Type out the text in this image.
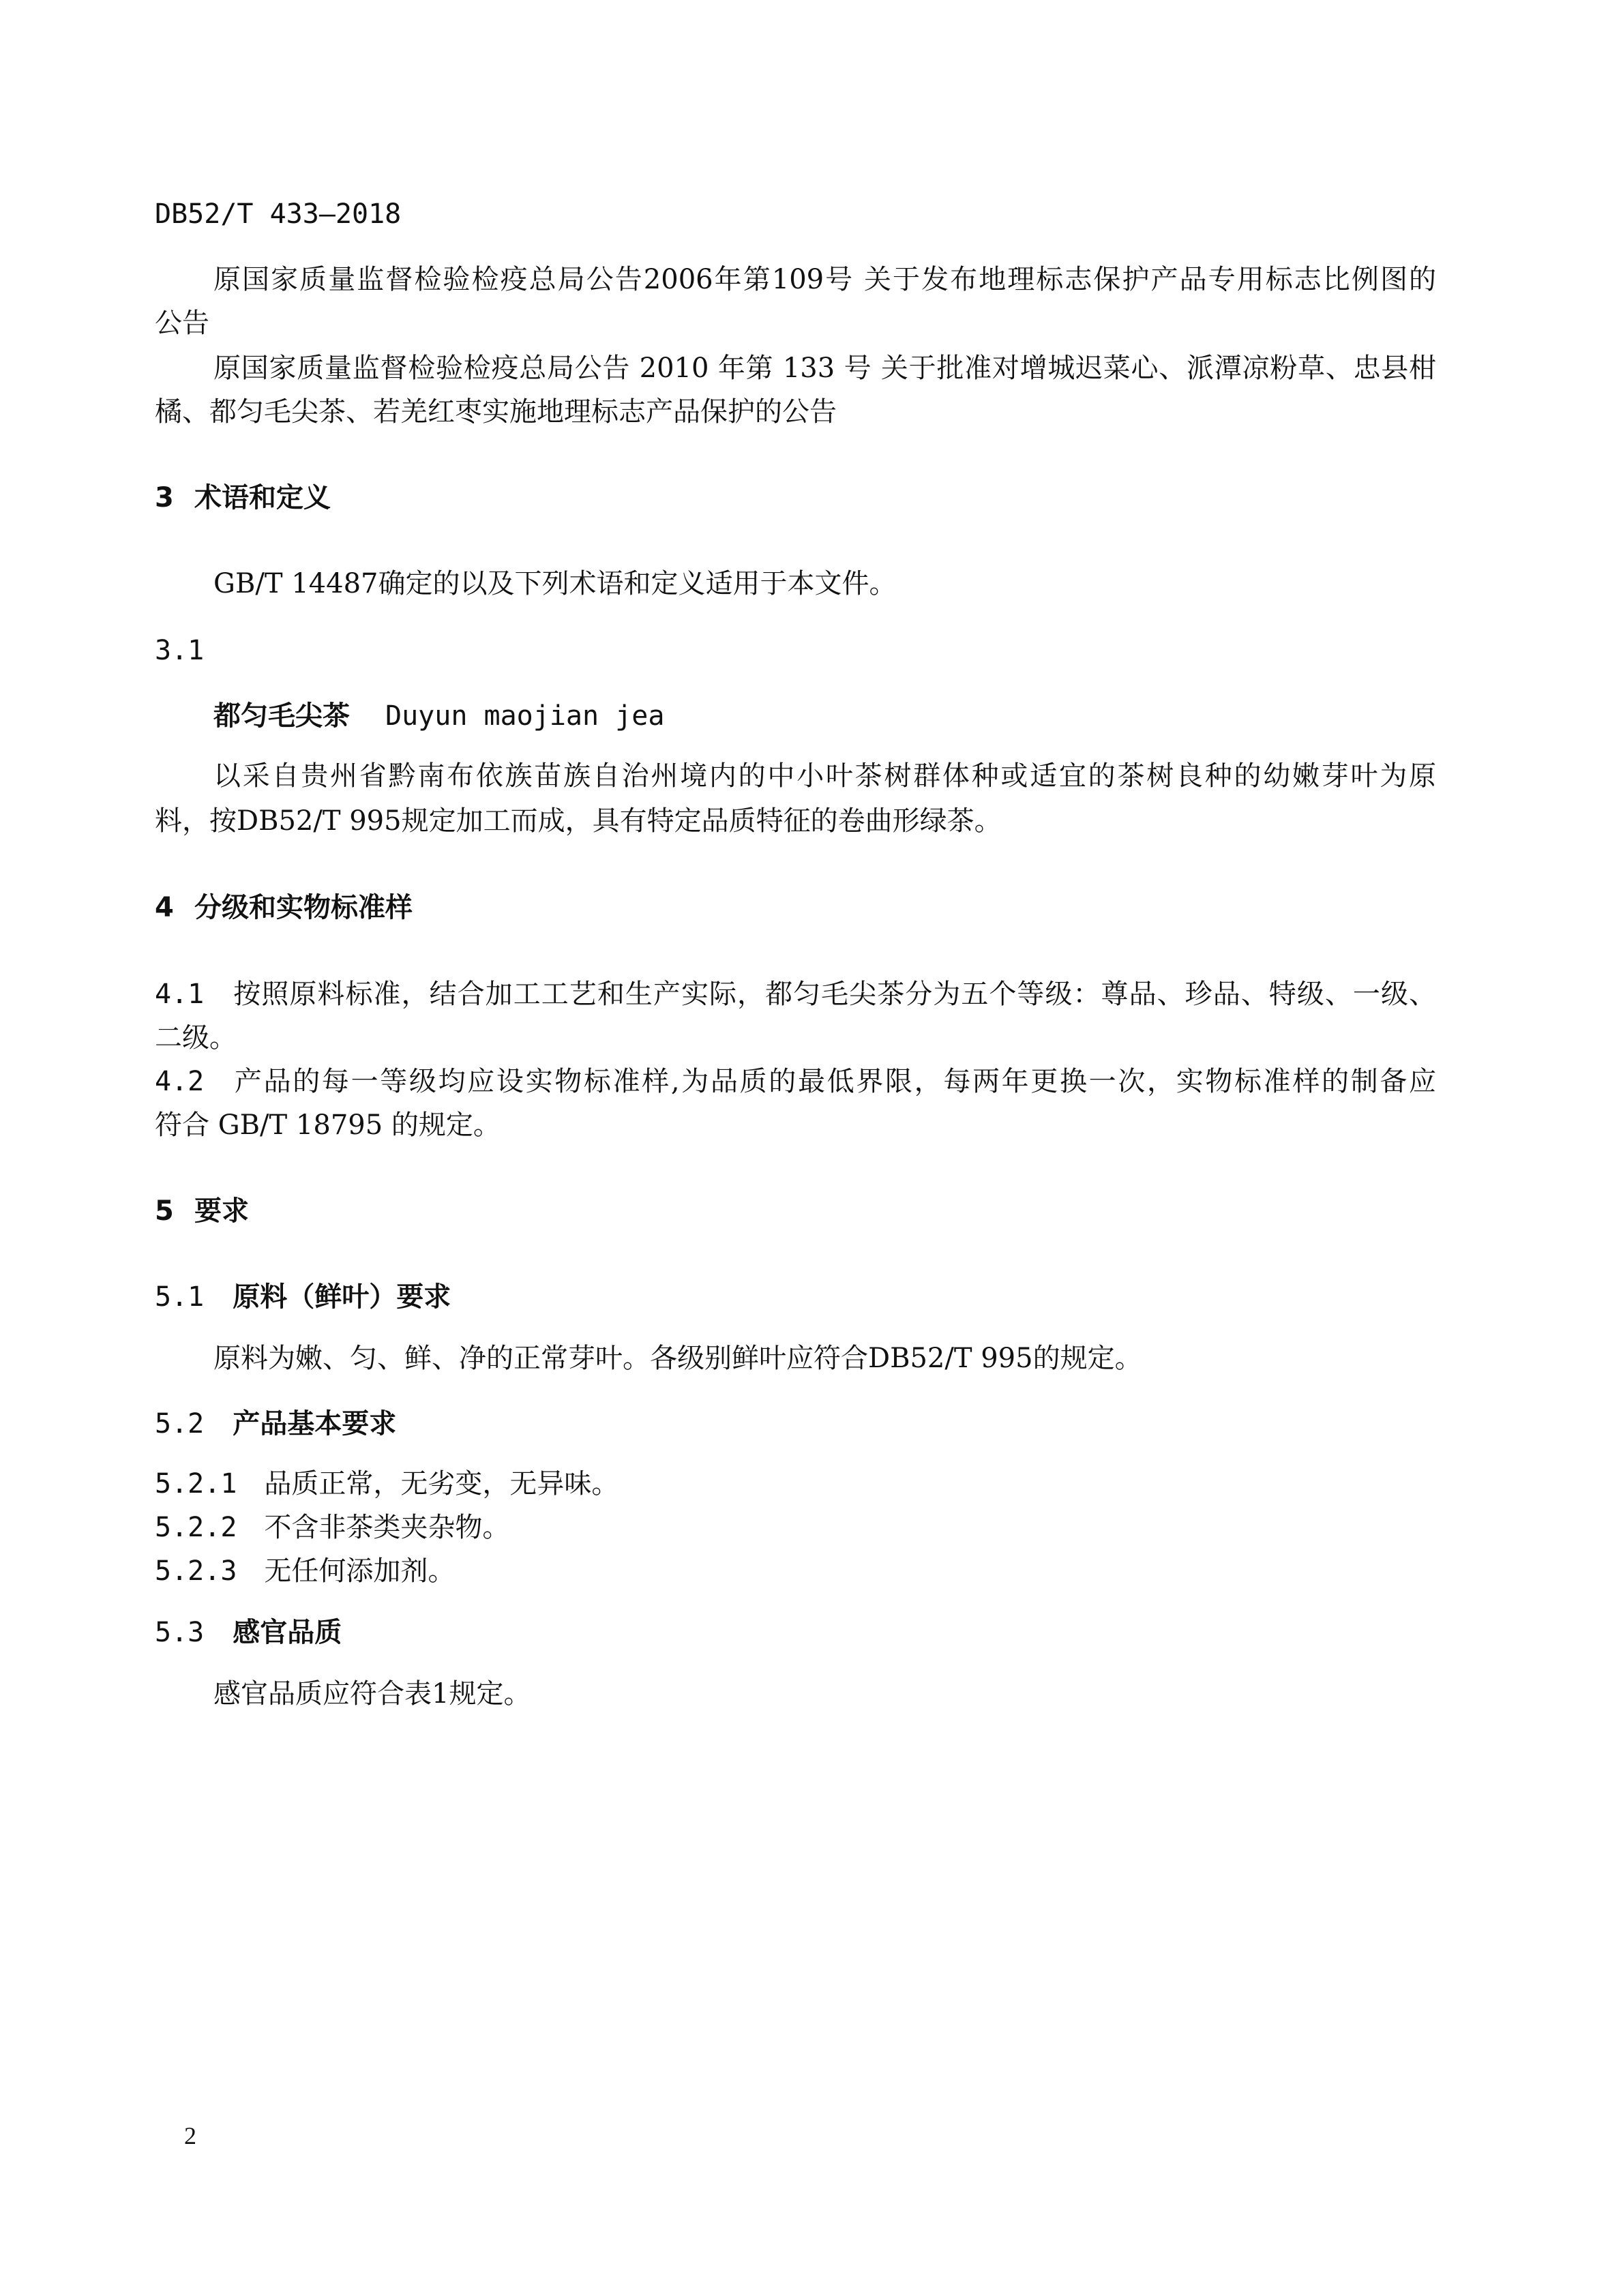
DB52/T 433—2018
原国家质量监督检验检疫总局公告2006年第109号 关于发布地理标志保护产品专用标志比例图的
公告
原国家质量监督检验检疫总局公告 2010 年第 133 号 关于批准对增城迟菜心、派潭凉粉草、忠县柑
橘、都匀毛尖茶、若羌红枣实施地理标志产品保护的公告
3 术语和定义
GB/T 14487确定的以及下列术语和定义适用于本文件。
3.1
都匀毛尖茶 Duyun maojian jea
以采自贵州省黔南布依族苗族自治州境内的中小叶茶树群体种或适宜的茶树良种的幼嫩芽叶为原
料，按DB52/T 995规定加工而成，具有特定品质特征的卷曲形绿茶。
4 分级和实物标准样
4.1 按照原料标准，结合加工工艺和生产实际，都匀毛尖茶分为五个等级：尊品、珍品、特级、一级、
二级。
4.2 产品的每一等级均应设实物标准样,为品质的最低界限，每两年更换一次，实物标准样的制备应
符合 GB/T 18795 的规定。
5 要求
5.1 原料（鲜叶）要求
原料为嫩、匀、鲜、净的正常芽叶。各级别鲜叶应符合DB52/T 995的规定。
5.2 产品基本要求
5.2.1 品质正常，无劣变，无异味。
5.2.2 不含非茶类夹杂物。
5.2.3 无任何添加剂。
5.3 感官品质
感官品质应符合表1规定。
2
